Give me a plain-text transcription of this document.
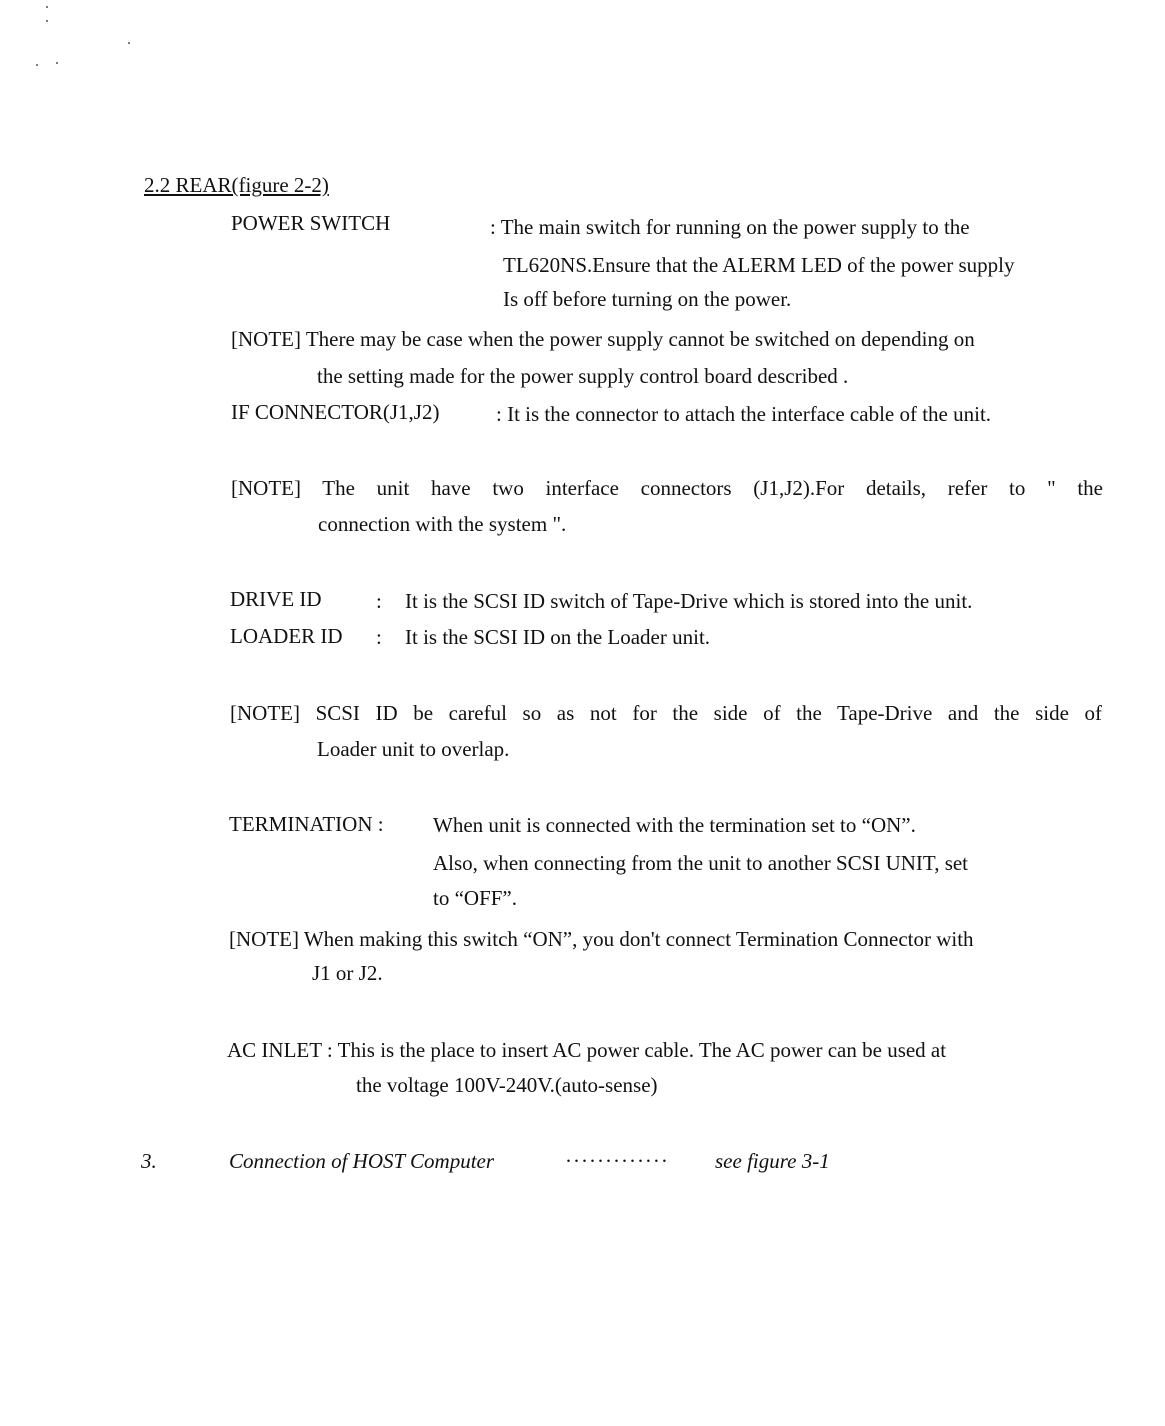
2.2 REAR(figure 2-2)
POWER SWITCH	: The main switch for running on the power supply to the
TL620NS.Ensure that the ALERM LED of the power supply
Is off before turning on the power.
[NOTE] There may be case when the power supply cannot be switched on depending on
the setting made for the power supply control board described .
IF CONNECTOR(J1,J2)	: It is the connector to attach the interface cable of the unit.
[NOTE] The unit have two interface connectors (J1,J2).For details, refer to " the
connection with the system ".
DRIVE ID	: It is the SCSI ID switch of Tape-Drive which is stored into the unit.
LOADER ID : It is the SCSI ID on the Loader unit.
[NOTE] SCSI ID be careful so as not for the side of the Tape-Drive and the side of
Loader unit to overlap.
TERMINATION : When unit is connected with the termination set to “ON”.
Also, when connecting from the unit to another SCSI UNIT, set
to “OFF”.
[NOTE] When making this switch “ON”, you don't connect Termination Connector with
J1 or J2.
AC INLET : This is the place to insert AC power cable. The AC power can be used at
the voltage 100V-240V.(auto-sense)
3.	Connection of HOST Computer	············· see figure 3-1
